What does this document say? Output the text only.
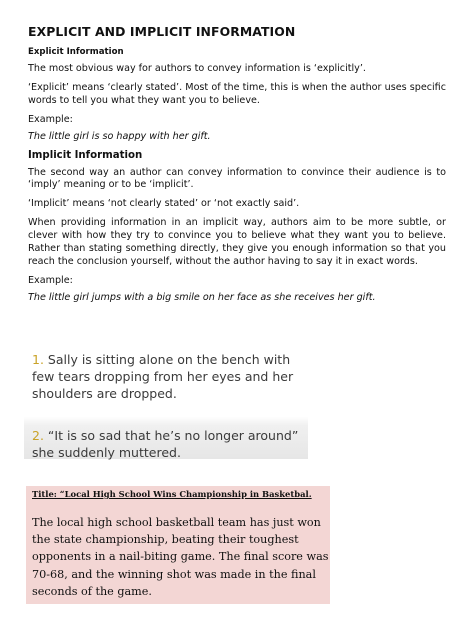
EXPLICIT AND IMPLICIT INFORMATION
Explicit Information

The most obvious way for authors to convey information is ‘explicitly’.

‘Explicit’ means ‘clearly stated’. Most of the time, this is when the author uses specific words to tell you what they want you to believe.

Example:

The little girl is so happy with her gift.

Implicit Information

The second way an author can convey information to convince their audience is to ‘imply’ meaning or to be ‘implicit’.

‘Implicit’ means ‘not clearly stated’ or ‘not exactly said’.

When providing information in an implicit way, authors aim to be more subtle, or clever with how they try to convince you to believe what they want you to believe. Rather than stating something directly, they give you enough information so that you reach the conclusion yourself, without the author having to say it in exact words.

Example:

The little girl jumps with a big smile on her face as she receives her gift.

1. Sally is sitting alone on the bench with few tears dropping from her eyes and her shoulders are dropped.
2. “It is so sad that he’s no longer around” she suddenly muttered.
Title: “Local High School Wins Championship in Basketbal.

The local high school basketball team has just won the state championship, beating their toughest opponents in a nail-biting game. The final score was 70-68, and the winning shot was made in the final seconds of the game.
